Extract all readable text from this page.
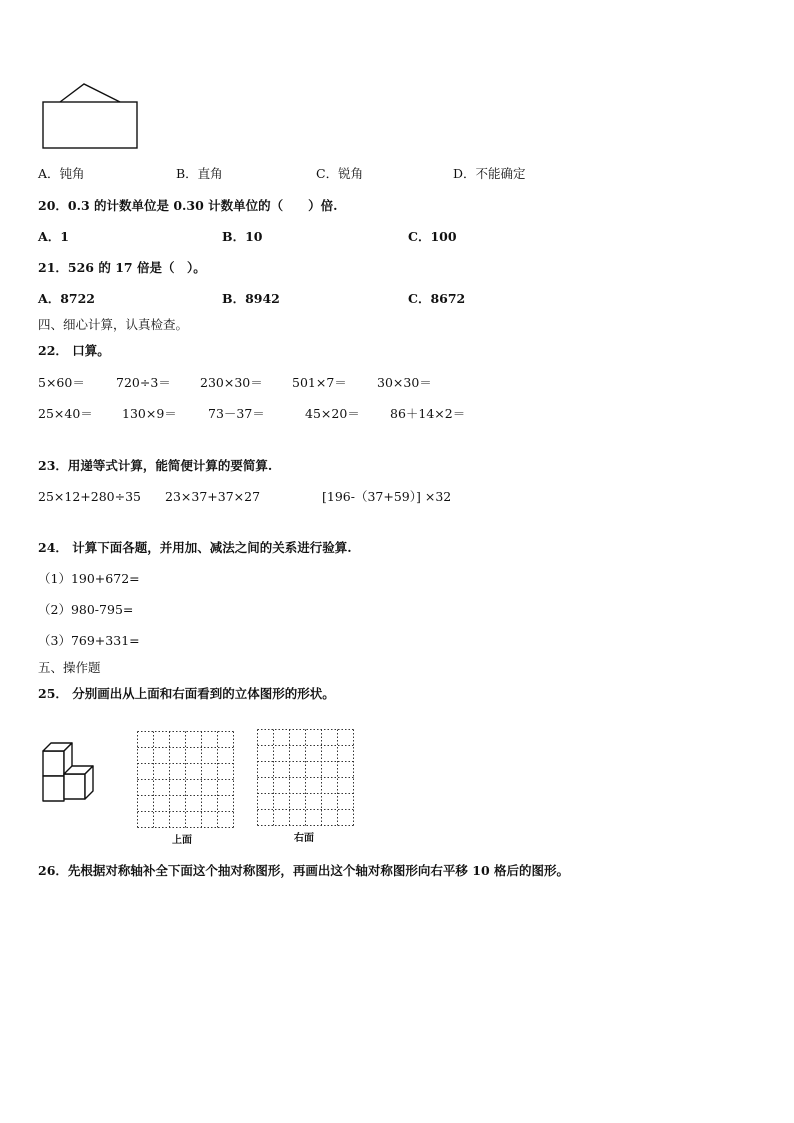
A．钝角	B．直角	C．锐角	D．不能确定
20．0.3 的计数单位是 0.30 计数单位的（　　）倍.
A．1	B．10	C．100
21．526 的 17 倍是（　）。
A．8722	B．8942	C．8672
四、细心计算，认真检查。
22． 口算。
5×60＝ 720÷3＝ 230×30＝ 501×7＝ 30×30＝
25×40＝ 130×9＝ 73－37＝	45×20＝ 86＋14×2＝
23．用递等式计算，能简便计算的要简算.
25×12+280÷35 23×37+37×27	[196-（37+59）] ×32
24． 计算下面各题，并用加、减法之间的关系进行验算.
（1）190+672=
（2）980-795=
（3）769+331=
五、操作题
25． 分别画出从上面和右面看到的立体图形的形状。
上面	右面
26．先根据对称轴补全下面这个抽对称图形，再画出这个轴对称图形向右平移 10 格后的图形。
